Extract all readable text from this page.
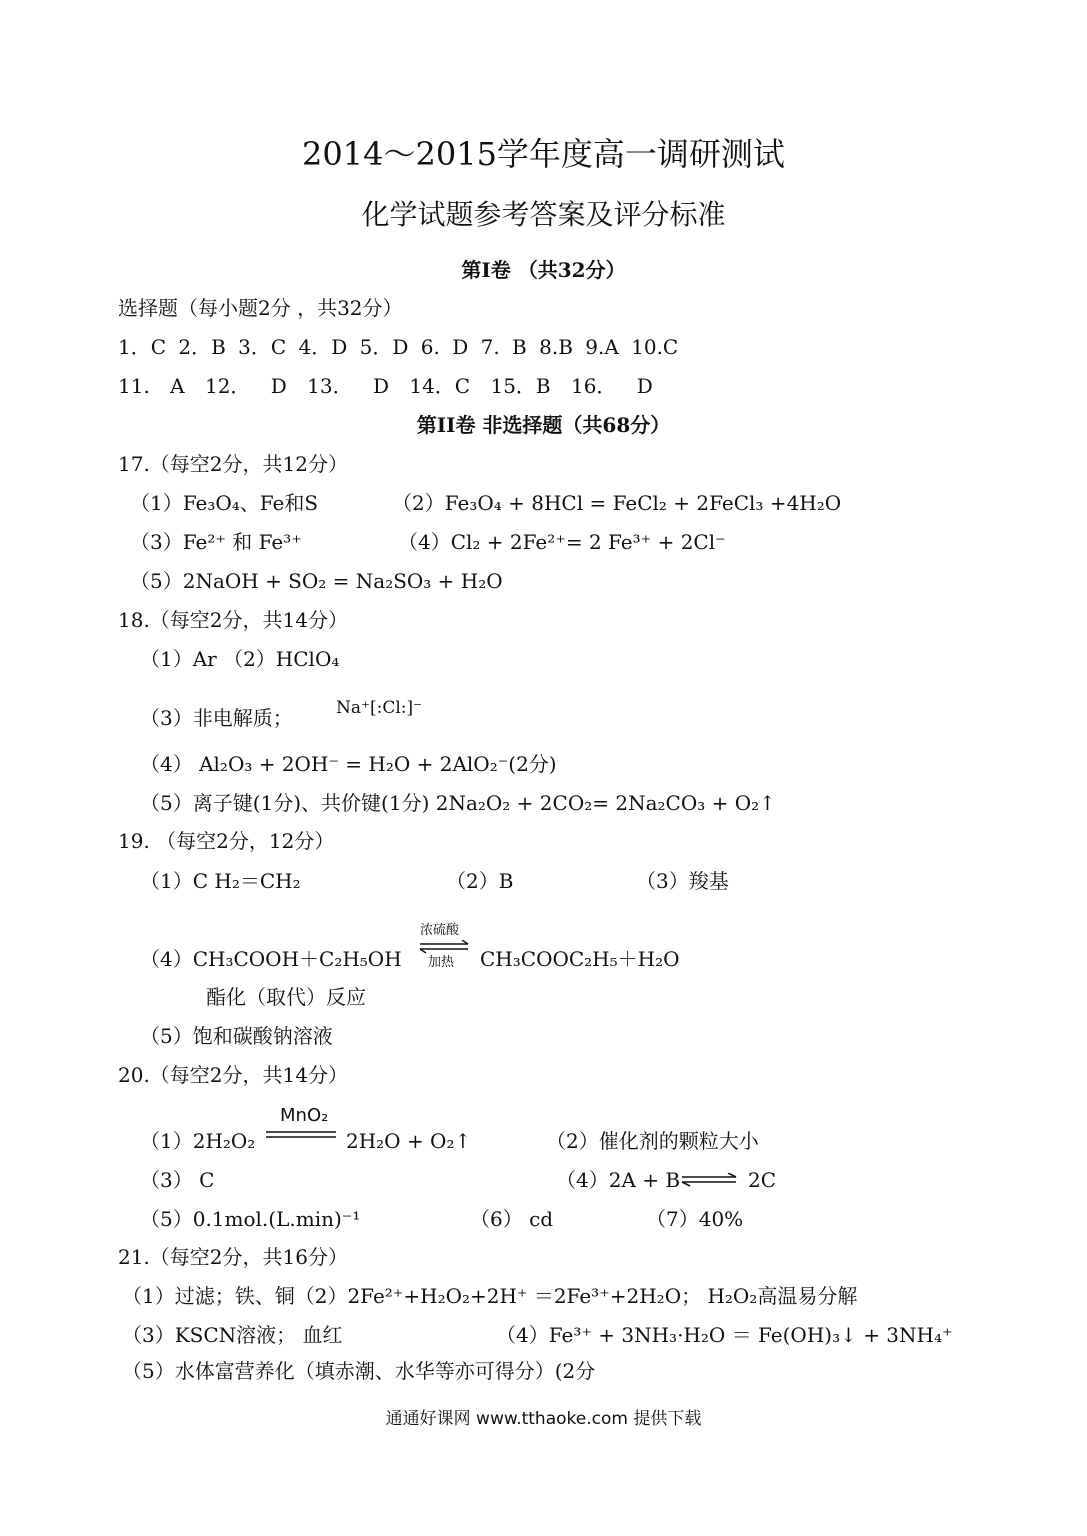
2014～2015学年度高一调研测试
化学试题参考答案及评分标准
第I卷 （共32分）
选择题（每小题2分 ，共32分）
1．C 2．B 3．C 4．D 5．D 6. D 7. B 8.B 9.A 10.C
11. A 12． D 13． D 14．C 15．B 16． D
第II卷 非选择题（共68分）
17.（每空2分，共12分）
（1）Fe₃O₄、Fe和S	（2）Fe₃O₄ + 8HCl = FeCl₂ + 2FeCl₃ +4H₂O
（3）Fe²⁺ 和 Fe³⁺	（4）Cl₂ + 2Fe²⁺= 2 Fe³⁺ + 2Cl⁻
（5）2NaOH + SO₂ = Na₂SO₃ + H₂O
18.（每空2分，共14分）
（1）Ar （2）HClO₄
（3）非电解质；	Na⁺[:Cl:]⁻
（4） Al₂O₃ + 2OH⁻ = H₂O + 2AlO₂⁻(2分)
（5）离子键(1分)、共价键(1分) 2Na₂O₂ + 2CO₂= 2Na₂CO₃ + O₂↑
19. （每空2分，12分）
（1）C H₂＝CH₂	（2）B	（3）羧基
（4）CH₃COOH＋C₂H₅OH
浓硫酸
加热 CH₃COOC₂H₅＋H₂O
酯化（取代）反应
（5）饱和碳酸钠溶液
20.（每空2分，共14分）
（1）2H₂O₂
MnO₂
2H₂O + O₂↑	（2）催化剂的颗粒大小
（3） C	（4）2A + B ⇌ 2C
（5）0.1mol.(L.min)⁻¹	（6） cd	（7）40%
21.（每空2分，共16分）
（1）过滤；铁、铜（2）2Fe²⁺+H₂O₂+2H⁺ ＝2Fe³⁺+2H₂O； H₂O₂高温易分解
（3）KSCN溶液； 血红	（4）Fe³⁺ + 3NH₃·H₂O ＝ Fe(OH)₃↓ + 3NH₄⁺
（5）水体富营养化（填赤潮、水华等亦可得分）(2分
通通好课网 www.tthaoke.com 提供下载
